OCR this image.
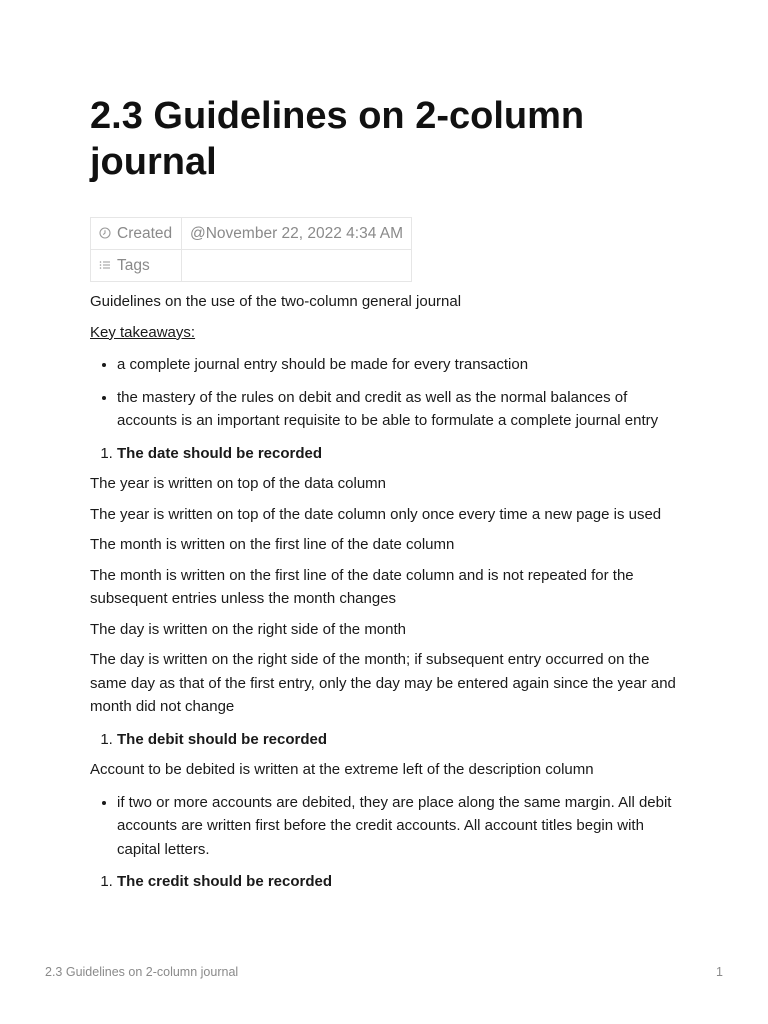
2.3 Guidelines on 2-column journal
Created	@November 22, 2022 4:34 AM

Tags	

Guidelines on the use of the two-column general journal

Key takeaways:

• a complete journal entry should be made for every transaction
• the mastery of the rules on debit and credit as well as the normal balances of accounts is an important requisite to be able to formulate a complete journal entry
1. The date should be recorded

The year is written on top of the data column

The year is written on top of the date column only once every time a new page is used

The month is written on the first line of the date column

The month is written on the first line of the date column and is not repeated for the subsequent entries unless the month changes

The day is written on the right side of the month

The day is written on the right side of the month; if subsequent entry occurred on the same day as that of the first entry, only the day may be entered again since the year and month did not change

1. The debit should be recorded

Account to be debited is written at the extreme left of the description column

• if two or more accounts are debited, they are place along the same margin. All debit accounts are written first before the credit accounts. All account titles begin with capital letters.
1. The credit should be recorded
2.3 Guidelines on 2-column journal	1
